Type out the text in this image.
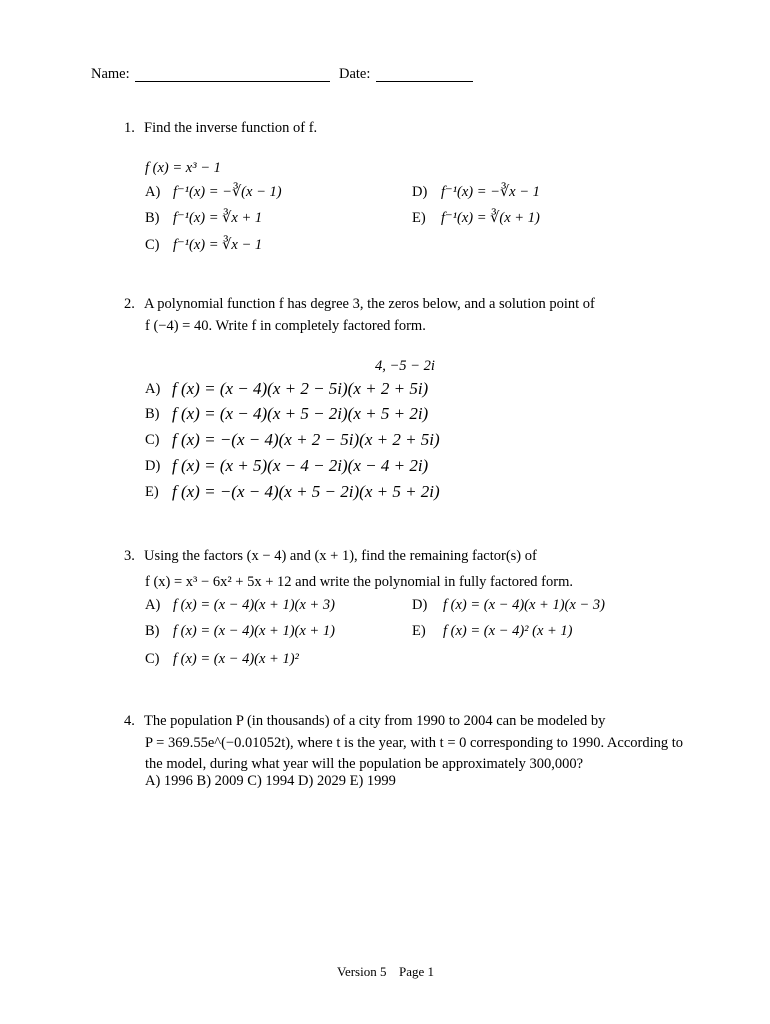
Name:	Date:
1. Find the inverse function of f.
f (x) = x³ − 1
A) f⁻¹(x) = −∛(x − 1)
B) f⁻¹(x) = ∛x + 1
C) f⁻¹(x) = ∛x − 1
D) f⁻¹(x) = −∛x − 1
E) f⁻¹(x) = ∛(x + 1)
2. A polynomial function f has degree 3, the zeros below, and a solution point of
f (−4) = 40. Write f in completely factored form.
4, −5 − 2i
A) f (x) = (x − 4)(x + 2 − 5i)(x + 2 + 5i)
B) f (x) = (x − 4)(x + 5 − 2i)(x + 5 + 2i)
C) f (x) = −(x − 4)(x + 2 − 5i)(x + 2 + 5i)
D) f (x) = (x + 5)(x − 4 − 2i)(x − 4 + 2i)
E) f (x) = −(x − 4)(x + 5 − 2i)(x + 5 + 2i)
3. Using the factors (x − 4) and (x + 1), find the remaining factor(s) of
f (x) = x³ − 6x² + 5x + 12 and write the polynomial in fully factored form.
A) f (x) = (x − 4)(x + 1)(x + 3)
B) f (x) = (x − 4)(x + 1)(x + 1)
C) f (x) = (x − 4)(x + 1)²
D) f (x) = (x − 4)(x + 1)(x − 3)
E) f (x) = (x − 4)² (x + 1)
4. The population P (in thousands) of a city from 1990 to 2004 can be modeled by
P = 369.55e^(−0.01052t), where t is the year, with t = 0 corresponding to 1990. According to
the model, during what year will the population be approximately 300,000?
A) 1996 B) 2009 C) 1994 D) 2029 E) 1999
Version 5 Page 1
